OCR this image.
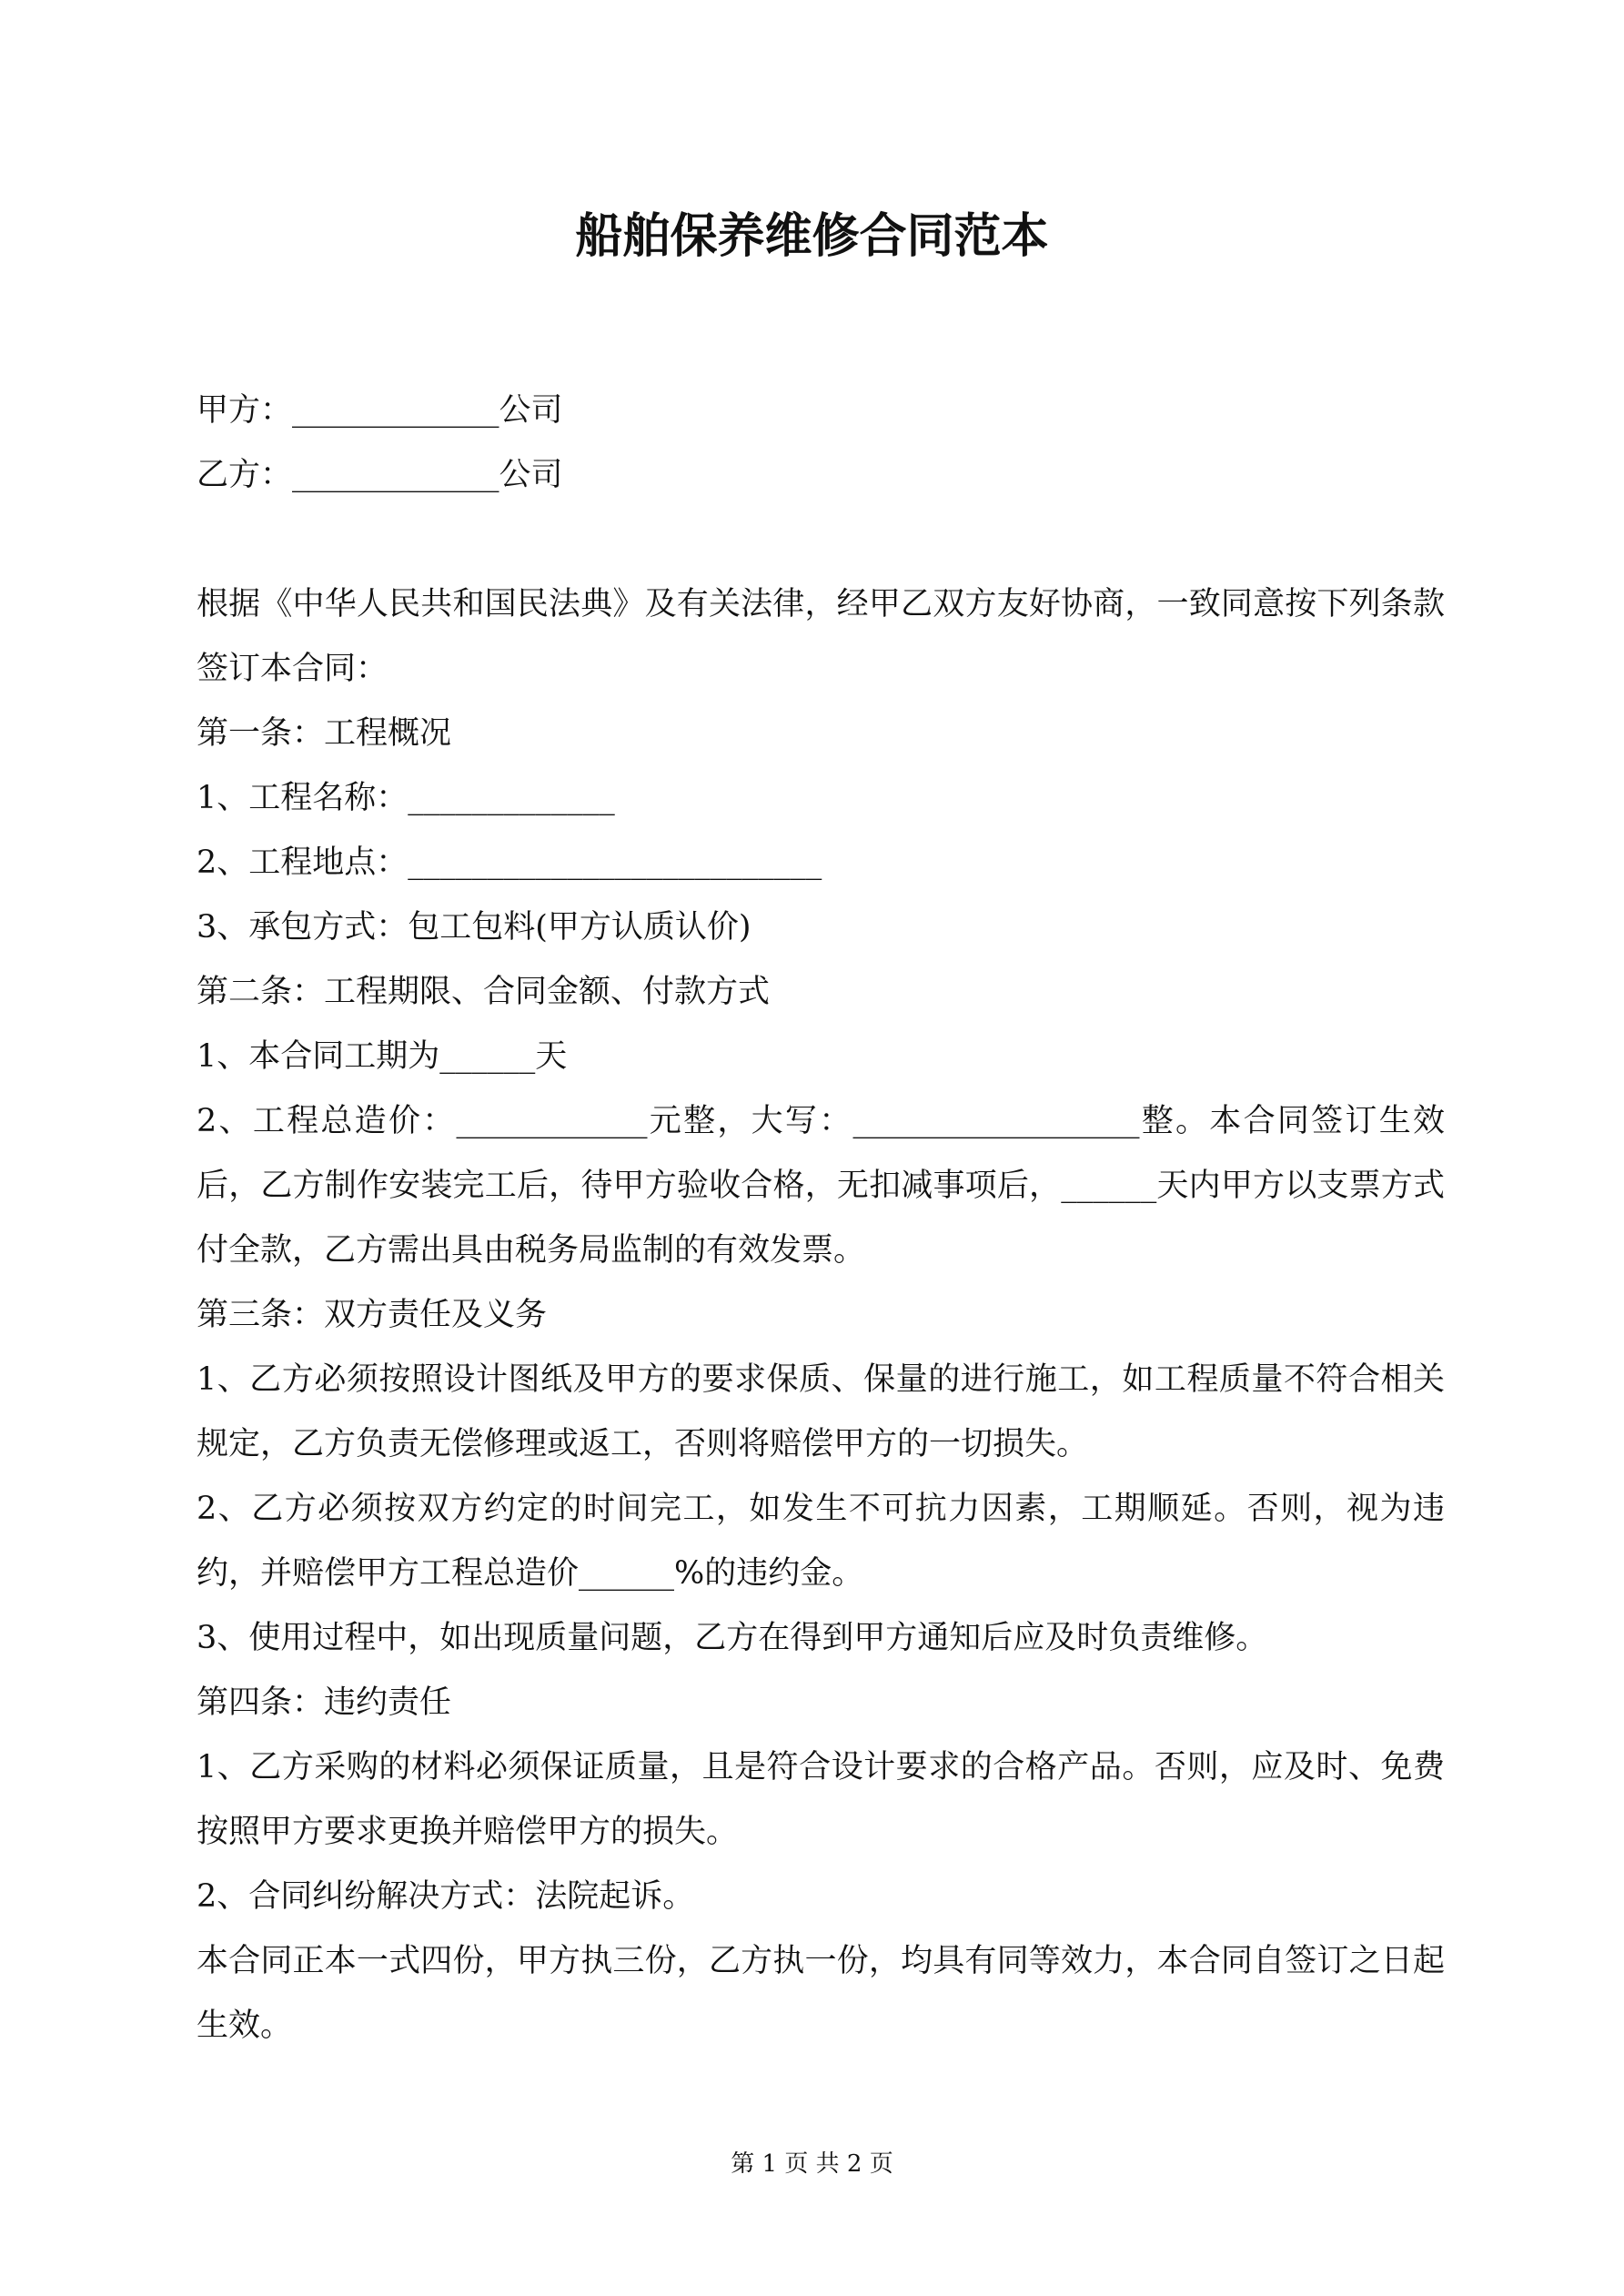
船舶保养维修合同范本

甲方：_____________公司

乙方：_____________公司

根据《中华人民共和国民法典》及有关法律，经甲乙双方友好协商，一致同意按下列条款签订本合同：

第一条：工程概况

1、工程名称：_____________

2、工程地点：__________________________

3、承包方式：包工包料(甲方认质认价)

第二条：工程期限、合同金额、付款方式

1、本合同工期为______天

2、工程总造价：____________元整，大写：__________________整。本合同签订生效后，乙方制作安装完工后，待甲方验收合格，无扣减事项后，______天内甲方以支票方式付全款，乙方需出具由税务局监制的有效发票。

第三条：双方责任及义务

1、乙方必须按照设计图纸及甲方的要求保质、保量的进行施工，如工程质量不符合相关规定，乙方负责无偿修理或返工，否则将赔偿甲方的一切损失。

2、乙方必须按双方约定的时间完工，如发生不可抗力因素，工期顺延。否则，视为违约，并赔偿甲方工程总造价______%的违约金。

3、使用过程中，如出现质量问题，乙方在得到甲方通知后应及时负责维修。

第四条：违约责任

1、乙方采购的材料必须保证质量，且是符合设计要求的合格产品。否则，应及时、免费按照甲方要求更换并赔偿甲方的损失。

2、合同纠纷解决方式：法院起诉。

本合同正本一式四份，甲方执三份，乙方执一份，均具有同等效力，本合同自签订之日起生效。

第 1 页 共 2 页
